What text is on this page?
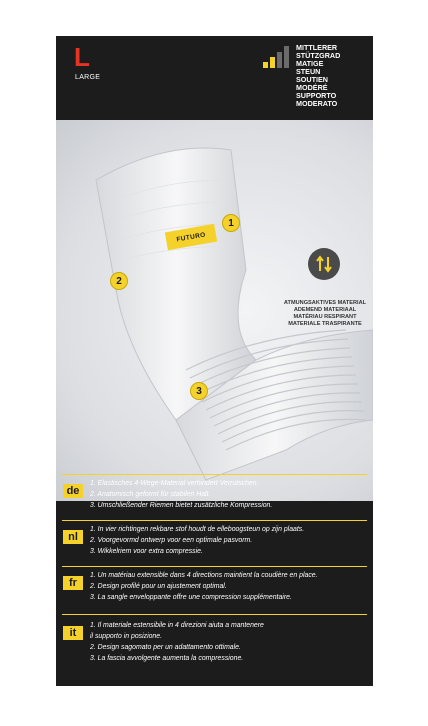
L
LARGE
MITTLERER
STÜTZGRAD
MATIGE
STEUN
SOUTIEN
MODÉRÉ
SUPPORTO
MODERATO
FUTURO
1
2
3
ATMUNGSAKTIVES MATERIAL
ADEMEND MATERIAAL
MATÉRIAU RESPIRANT
MATERIALE TRASPIRANTE
de
1. Elastisches 4-Wege-Material verhindert Verrutschen.
2. Anatomisch geformt für stabilen Halt.
3. Umschließender Riemen bietet zusätzliche Kompression.
nl
1. In vier richtingen rekbare stof houdt de elleboogsteun op zijn plaats.
2. Voorgevormd ontwerp voor een optimale pasvorm.
3. Wikkelriem voor extra compressie.
fr
1. Un matériau extensible dans 4 directions maintient la coudière en place.
2. Design profilé pour un ajustement optimal.
3. La sangle enveloppante offre une compression supplémentaire.
it
1. Il materiale estensibile in 4 direzioni aiuta a mantenere
il supporto in posizione.
2. Design sagomato per un adattamento ottimale.
3. La fascia avvolgente aumenta la compressione.
